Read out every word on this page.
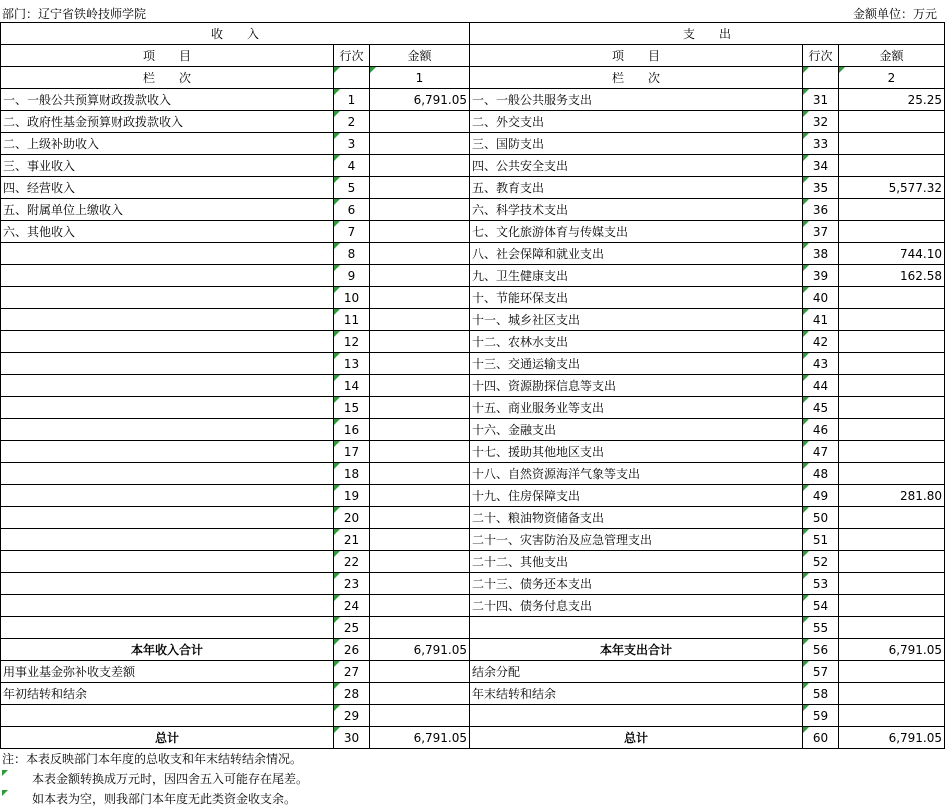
部门：辽宁省铁岭技师学院	金额单位：万元
收　　入			支　　出		
项　　目	行次	金额	项　　目	行次	金额
栏　　次		1	栏　　次		2
一、一般公共预算财政拨款收入	1	6,791.05	一、一般公共服务支出	31	25.25
二、政府性基金预算财政拨款收入	2		二、外交支出	32	
二、上级补助收入	3		三、国防支出	33	
三、事业收入	4		四、公共安全支出	34	
四、经营收入	5		五、教育支出	35	5,577.32
五、附属单位上缴收入	6		六、科学技术支出	36	
六、其他收入	7		七、文化旅游体育与传媒支出	37	
	8		八、社会保障和就业支出	38	744.10
	9		九、卫生健康支出	39	162.58
	10		十、节能环保支出	40	
	11		十一、城乡社区支出	41	
	12		十二、农林水支出	42	
	13		十三、交通运输支出	43	
	14		十四、资源勘探信息等支出	44	
	15		十五、商业服务业等支出	45	
	16		十六、金融支出	46	
	17		十七、援助其他地区支出	47	
	18		十八、自然资源海洋气象等支出	48	
	19		十九、住房保障支出	49	281.80
	20		二十、粮油物资储备支出	50	
	21		二十一、灾害防治及应急管理支出	51	
	22		二十二、其他支出	52	
	23		二十三、债务还本支出	53	
	24		二十四、债务付息支出	54	
	25			55	
本年收入合计	26	6,791.05	本年支出合计	56	6,791.05
用事业基金弥补收支差额	27		结余分配	57	
年初结转和结余	28		年末结转和结余	58	
	29			59	
总计	30	6,791.05	总计	60	6,791.05
注：本表反映部门本年度的总收支和年末结转结余情况。
本表金额转换成万元时，因四舍五入可能存在尾差。
如本表为空，则我部门本年度无此类资金收支余。
